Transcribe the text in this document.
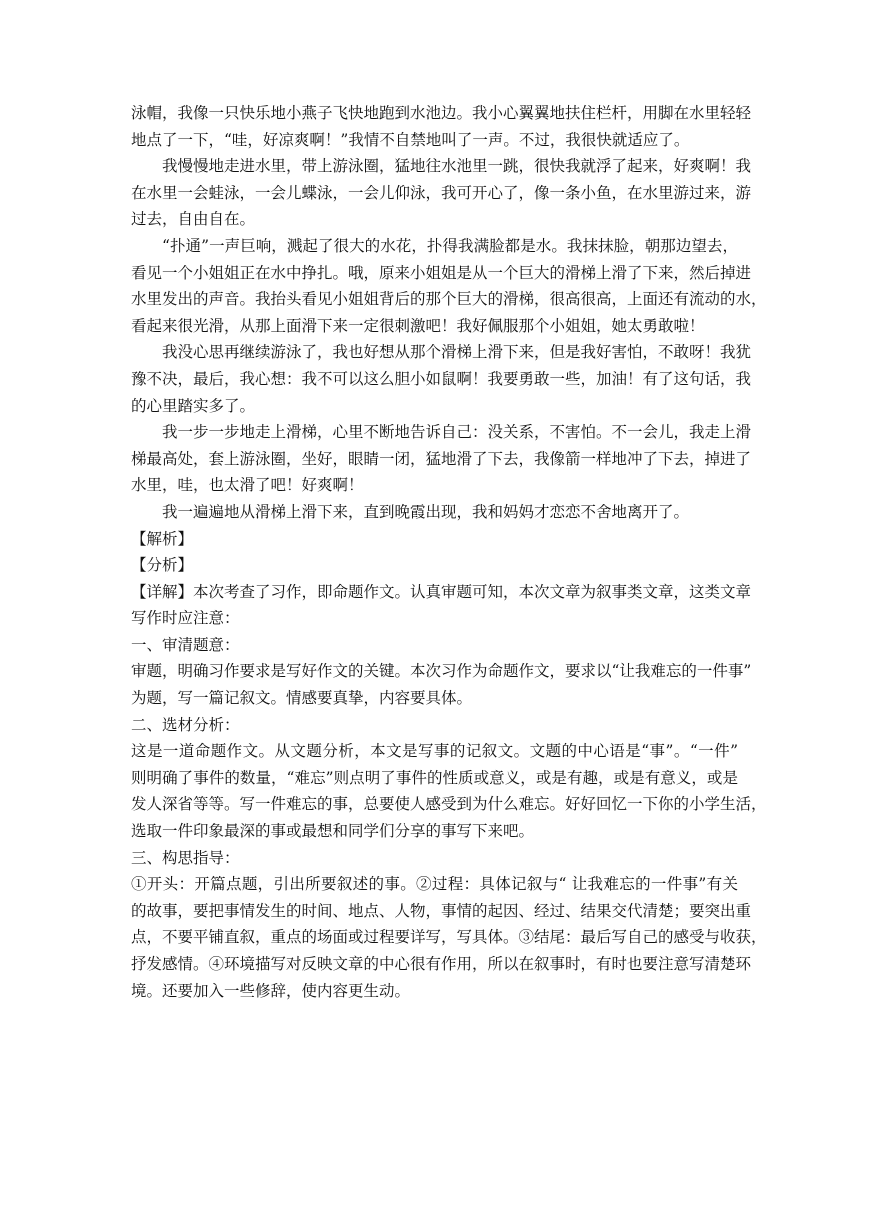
泳帽，我像一只快乐地小燕子飞快地跑到水池边。我小心翼翼地扶住栏杆，用脚在水里轻轻
地点了一下，“哇，好凉爽啊！”我情不自禁地叫了一声。不过，我很快就适应了。
我慢慢地走进水里，带上游泳圈，猛地往水池里一跳，很快我就浮了起来，好爽啊！我
在水里一会蛙泳，一会儿蝶泳，一会儿仰泳，我可开心了，像一条小鱼，在水里游过来，游
过去，自由自在。
“扑通”一声巨响，溅起了很大的水花，扑得我满脸都是水。我抹抹脸，朝那边望去，
看见一个小姐姐正在水中挣扎。哦，原来小姐姐是从一个巨大的滑梯上滑了下来，然后掉进
水里发出的声音。我抬头看见小姐姐背后的那个巨大的滑梯，很高很高，上面还有流动的水，
看起来很光滑，从那上面滑下来一定很刺激吧！我好佩服那个小姐姐，她太勇敢啦！
我没心思再继续游泳了，我也好想从那个滑梯上滑下来，但是我好害怕，不敢呀！我犹
豫不决，最后，我心想：我不可以这么胆小如鼠啊！我要勇敢一些，加油！有了这句话，我
的心里踏实多了。
我一步一步地走上滑梯，心里不断地告诉自己：没关系，不害怕。不一会儿，我走上滑
梯最高处，套上游泳圈，坐好，眼睛一闭，猛地滑了下去，我像箭一样地冲了下去，掉进了
水里，哇，也太滑了吧！好爽啊！
我一遍遍地从滑梯上滑下来，直到晚霞出现，我和妈妈才恋恋不舍地离开了。
【解析】
【分析】
【详解】本次考查了习作，即命题作文。认真审题可知，本次文章为叙事类文章，这类文章
写作时应注意：
一、审清题意：
审题，明确习作要求是写好作文的关键。本次习作为命题作文，要求以“让我难忘的一件事”
为题，写一篇记叙文。情感要真挚，内容要具体。
二、选材分析：
这是一道命题作文。从文题分析，本文是写事的记叙文。文题的中心语是“事”。“一件”
则明确了事件的数量，“难忘”则点明了事件的性质或意义，或是有趣，或是有意义，或是
发人深省等等。写一件难忘的事，总要使人感受到为什么难忘。好好回忆一下你的小学生活，
选取一件印象最深的事或最想和同学们分享的事写下来吧。
三、构思指导：
①开头：开篇点题，引出所要叙述的事。②过程：具体记叙与“ 让我难忘的一件事”有关
的故事，要把事情发生的时间、地点、人物，事情的起因、经过、结果交代清楚；要突出重
点，不要平铺直叙，重点的场面或过程要详写，写具体。③结尾：最后写自己的感受与收获，
抒发感情。④环境描写对反映文章的中心很有作用，所以在叙事时，有时也要注意写清楚环
境。还要加入一些修辞，使内容更生动。
